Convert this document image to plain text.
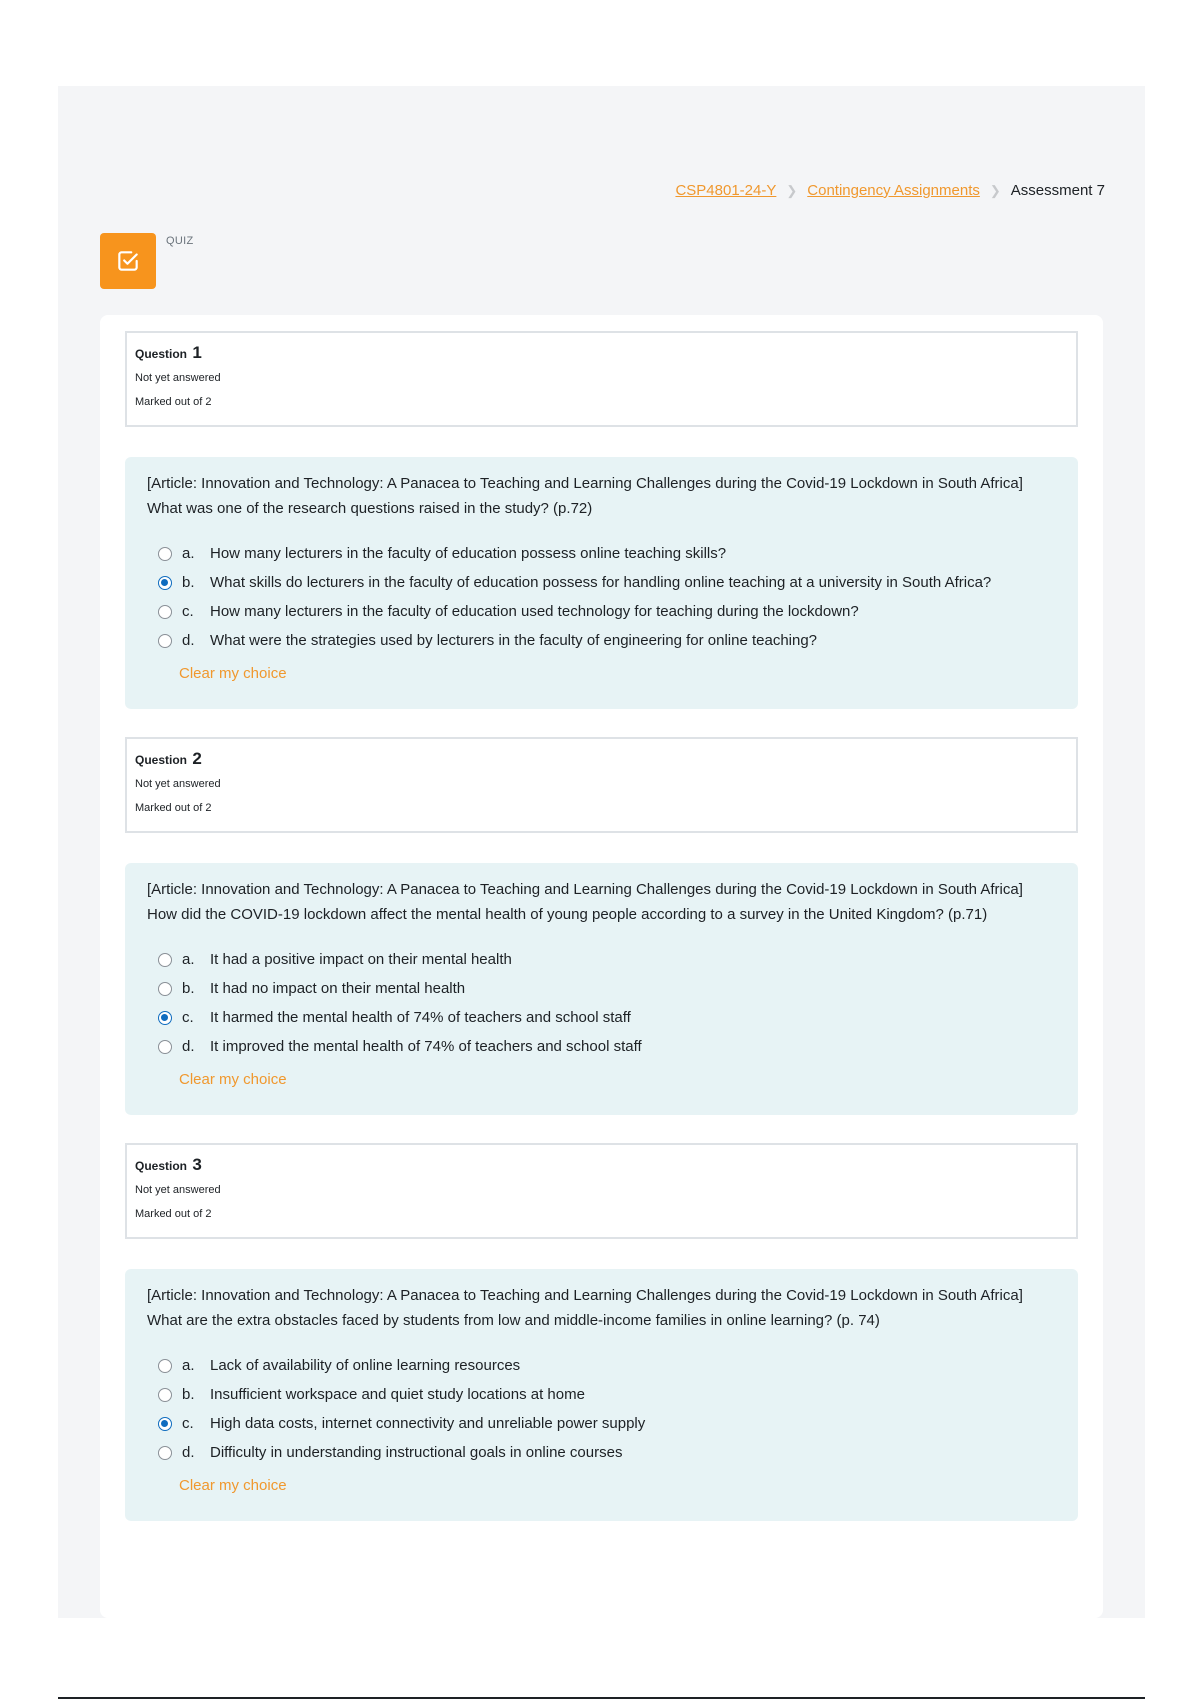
CSP4801-24-Y ❯ Contingency Assignments ❯ Assessment 7
QUIZ
Question 1
Not yet answered
Marked out of 2
[Article: Innovation and Technology: A Panacea to Teaching and Learning Challenges during the Covid-19 Lockdown in South Africa] What was one of the research questions raised in the study? (p.72)
a.	How many lecturers in the faculty of education possess online teaching skills?
b.	What skills do lecturers in the faculty of education possess for handling online teaching at a university in South Africa?
c.	How many lecturers in the faculty of education used technology for teaching during the lockdown?
d.	What were the strategies used by lecturers in the faculty of engineering for online teaching?
Clear my choice
Question 2
Not yet answered
Marked out of 2
[Article: Innovation and Technology: A Panacea to Teaching and Learning Challenges during the Covid-19 Lockdown in South Africa] How did the COVID-19 lockdown affect the mental health of young people according to a survey in the United Kingdom? (p.71)
a.	It had a positive impact on their mental health
b.	It had no impact on their mental health
c.	It harmed the mental health of 74% of teachers and school staff
d.	It improved the mental health of 74% of teachers and school staff
Clear my choice
Question 3
Not yet answered
Marked out of 2
[Article: Innovation and Technology: A Panacea to Teaching and Learning Challenges during the Covid-19 Lockdown in South Africa] What are the extra obstacles faced by students from low and middle-income families in online learning? (p. 74)
a.	Lack of availability of online learning resources
b.	Insufficient workspace and quiet study locations at home
c.	High data costs, internet connectivity and unreliable power supply
d.	Difficulty in understanding instructional goals in online courses
Clear my choice
